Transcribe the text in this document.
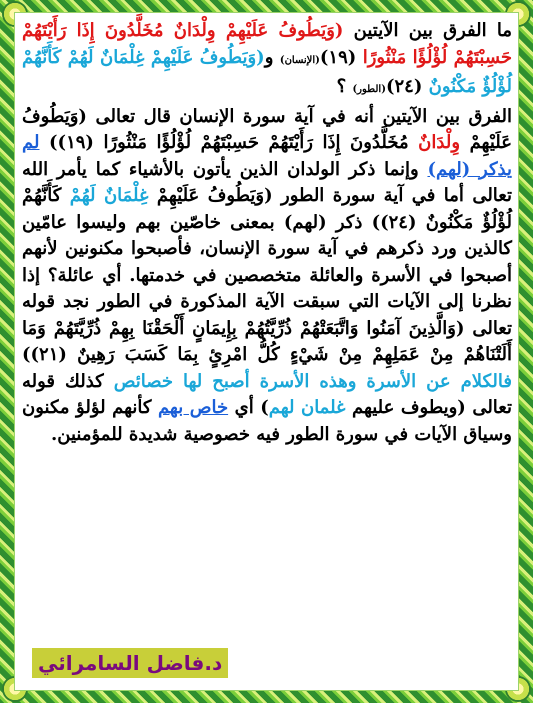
ما الفرق بين الآيتين (وَيَطُوفُ عَلَيْهِمْ وِلْدَانٌ مُخَلَّدُونَ إِذَا رَأَيْتَهُمْ حَسِبْتَهُمْ لُؤْلُؤًا مَنْثُورًا (١٩)(الإنسان) و(وَيَطُوفُ عَلَيْهِمْ غِلْمَانٌ لَهُمْ كَأَنَّهُمْ لُؤْلُؤٌ مَكْنُونٌ (٢٤)(الطور) ؟

الفرق بين الآيتين أنه في آية سورة الإنسان قال تعالى (وَيَطُوفُ عَلَيْهِمْ وِلْدَانٌ مُخَلَّدُونَ إِذَا رَأَيْتَهُمْ حَسِبْتَهُمْ لُؤْلُؤًا مَنْثُورًا (١٩)) لم يذكر (لهم) وإنما ذكر الولدان الذين يأتون بالأشياء كما يأمر الله تعالى أما في آية سورة الطور (وَيَطُوفُ عَلَيْهِمْ غِلْمَانٌ لَهُمْ كَأَنَّهُمْ لُؤْلُؤٌ مَكْنُونٌ (٢٤)) ذكر (لهم) بمعنى خاصّين بهم وليسوا عامّين كالذين ورد ذكرهم في آية سورة الإنسان، فأصبحوا مكنونين لأنهم أصبحوا في الأسرة والعائلة متخصصين في خدمتها. أي عائلة؟ إذا نظرنا إلى الآيات التي سبقت الآية المذكورة في الطور نجد قوله تعالى (وَالَّذِينَ آمَنُوا وَاتَّبَعَتْهُمْ ذُرِّيَّتُهُمْ بِإِيمَانٍ أَلْحَقْنَا بِهِمْ ذُرِّيَّتَهُمْ وَمَا أَلَتْنَاهُمْ مِنْ عَمَلِهِمْ مِنْ شَيْءٍ كُلُّ امْرِئٍ بِمَا كَسَبَ رَهِينٌ (٢١)) فالكلام عن الأسرة وهذه الأسرة أصبح لها خصائص كذلك قوله تعالى (ويطوف عليهم غلمان لهم) أي خاص بهم كأنهم لؤلؤ مكنون وسياق الآيات في سورة الطور فيه خصوصية شديدة للمؤمنين.

د.فاضل السامرائي
